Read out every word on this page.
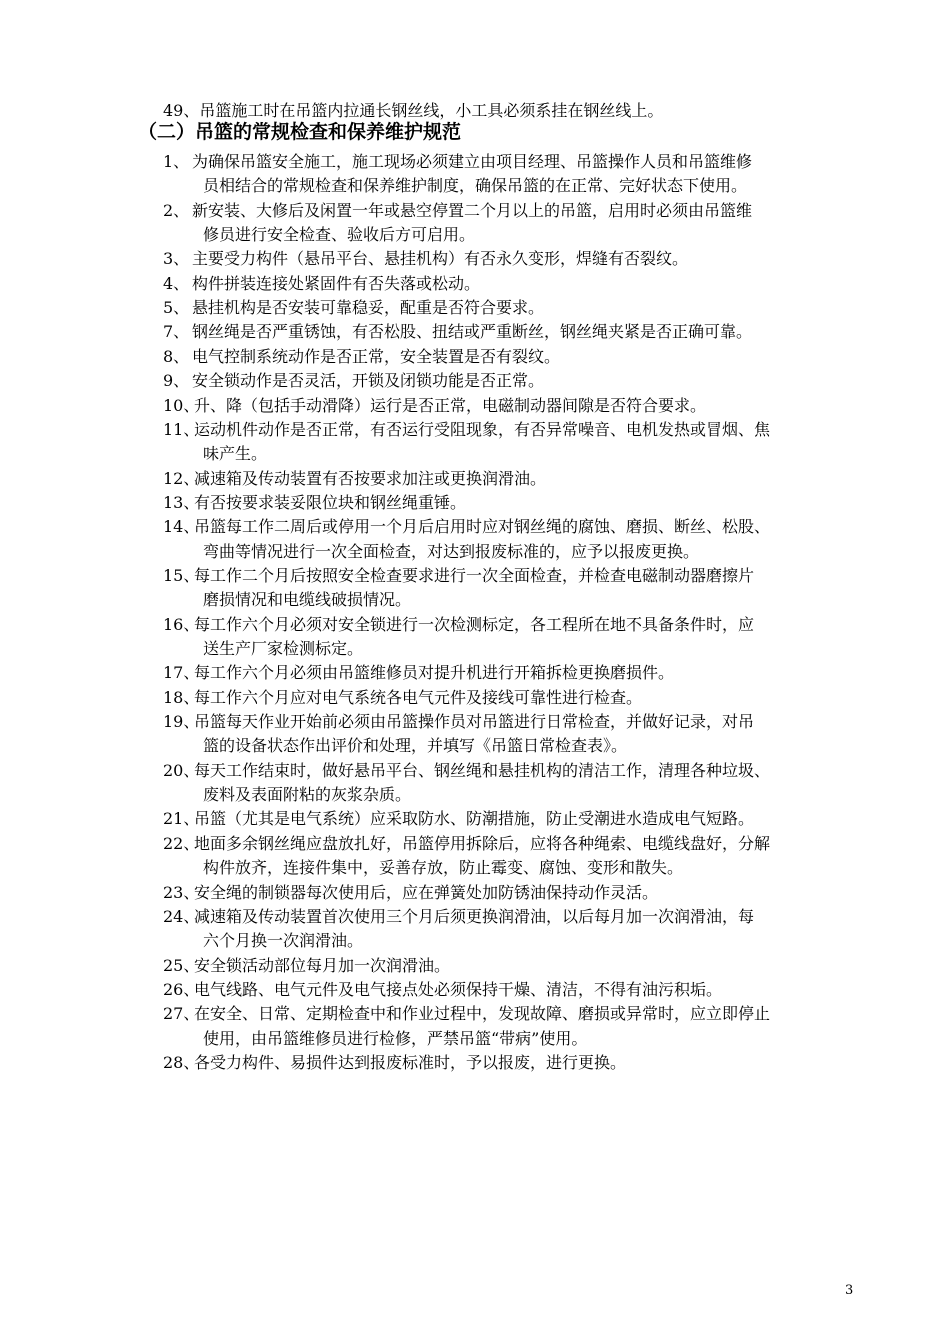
49、吊篮施工时在吊篮内拉通长钢丝线，小工具必须系挂在钢丝线上。
（二）吊篮的常规检查和保养维护规范
1、 为确保吊篮安全施工，施工现场必须建立由项目经理、吊篮操作人员和吊篮维修
员相结合的常规检查和保养维护制度，确保吊篮的在正常、完好状态下使用。
2、 新安装、大修后及闲置一年或悬空停置二个月以上的吊篮，启用时必须由吊篮维
修员进行安全检查、验收后方可启用。
3、 主要受力构件（悬吊平台、悬挂机构）有否永久变形，焊缝有否裂纹。
4、 构件拼装连接处紧固件有否失落或松动。
5、 悬挂机构是否安装可靠稳妥，配重是否符合要求。
7、 钢丝绳是否严重锈蚀，有否松股、扭结或严重断丝，钢丝绳夹紧是否正确可靠。
8、 电气控制系统动作是否正常，安全装置是否有裂纹。
9、 安全锁动作是否灵活，开锁及闭锁功能是否正常。
10、
升、降（包括手动滑降）运行是否正常，电磁制动器间隙是否符合要求。
11、
运动机件动作是否正常，有否运行受阻现象，有否异常噪音、电机发热或冒烟、焦
味产生。
12、
减速箱及传动装置有否按要求加注或更换润滑油。
13、
有否按要求装妥限位块和钢丝绳重锤。
14、
吊篮每工作二周后或停用一个月后启用时应对钢丝绳的腐蚀、磨损、断丝、松股、
弯曲等情况进行一次全面检查，对达到报废标准的，应予以报废更换。
15、
每工作二个月后按照安全检查要求进行一次全面检查，并检查电磁制动器磨擦片
磨损情况和电缆线破损情况。
16、
每工作六个月必须对安全锁进行一次检测标定，各工程所在地不具备条件时，应
送生产厂家检测标定。
17、
每工作六个月必须由吊篮维修员对提升机进行开箱拆检更换磨损件。
18、
每工作六个月应对电气系统各电气元件及接线可靠性进行检查。
19、
吊篮每天作业开始前必须由吊篮操作员对吊篮进行日常检查，并做好记录，对吊
篮的设备状态作出评价和处理，并填写《吊篮日常检查表》。
20、
每天工作结束时，做好悬吊平台、钢丝绳和悬挂机构的清洁工作，清理各种垃圾、
废料及表面附粘的灰浆杂质。
21、
吊篮（尤其是电气系统）应采取防水、防潮措施，防止受潮进水造成电气短路。
22、
地面多余钢丝绳应盘放扎好，吊篮停用拆除后，应将各种绳索、电缆线盘好，分解
构件放齐，连接件集中，妥善存放，防止霉变、腐蚀、变形和散失。
23、
安全绳的制锁器每次使用后，应在弹簧处加防锈油保持动作灵活。
24、
减速箱及传动装置首次使用三个月后须更换润滑油，以后每月加一次润滑油，每
六个月换一次润滑油。
25、
安全锁活动部位每月加一次润滑油。
26、
电气线路、电气元件及电气接点处必须保持干燥、清洁，不得有油污积垢。
27、
在安全、日常、定期检查中和作业过程中，发现故障、磨损或异常时，应立即停止
使用，由吊篮维修员进行检修，严禁吊篮“带病”使用。
28、
各受力构件、易损件达到报废标准时，予以报废，进行更换。
3
